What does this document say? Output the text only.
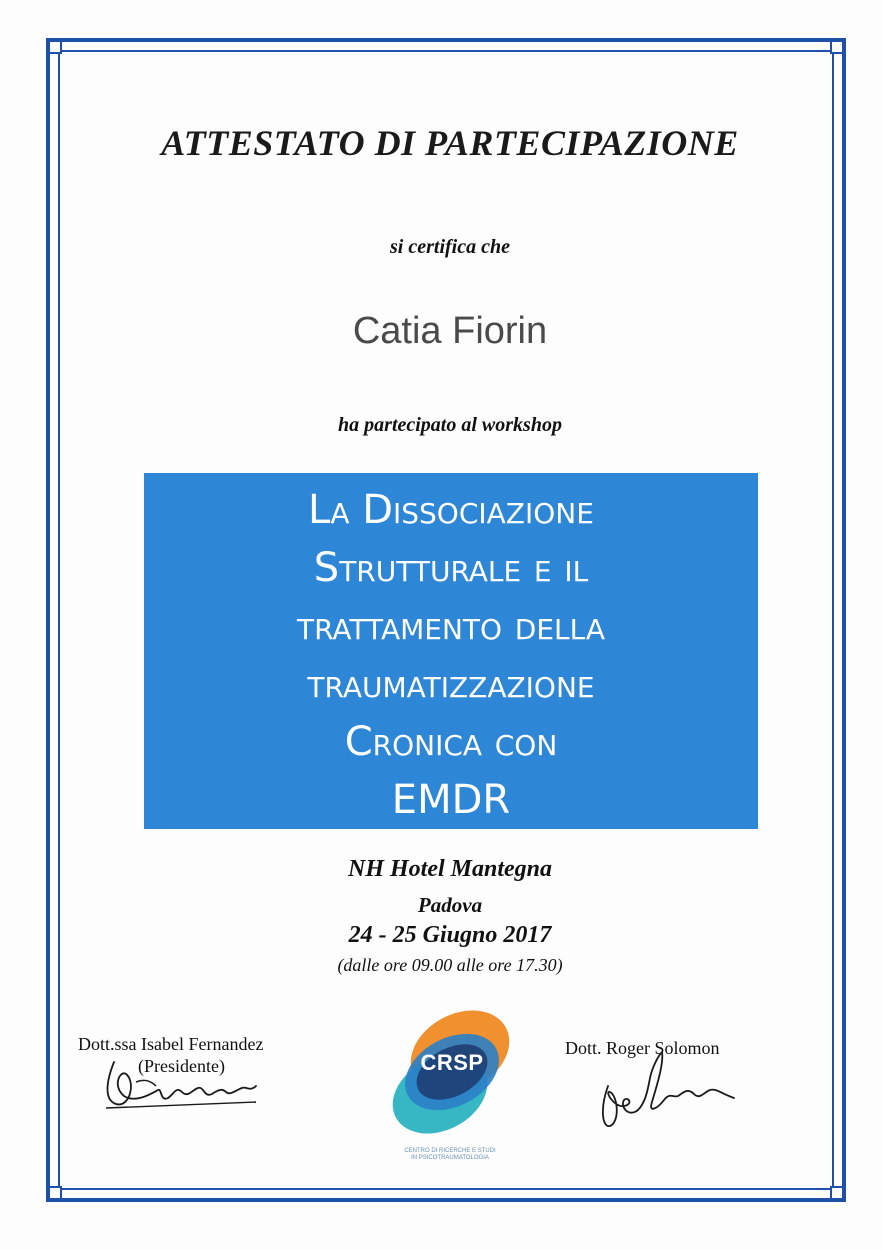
ATTESTATO DI PARTECIPAZIONE
si certifica che
Catia Fiorin
ha partecipato al workshop
La Dissociazione
Strutturale e il
trattamento della
traumatizzazione
Cronica con
EMDR
NH Hotel Mantegna
Padova
24 - 25 Giugno 2017
(dalle ore 09.00 alle ore 17.30)
Dott.ssa Isabel Fernandez
(Presidente)
Dott. Roger Solomon
CRSP
CENTRO DI RICERCHE E STUDI
IN PSICOTRAUMATOLOGIA
